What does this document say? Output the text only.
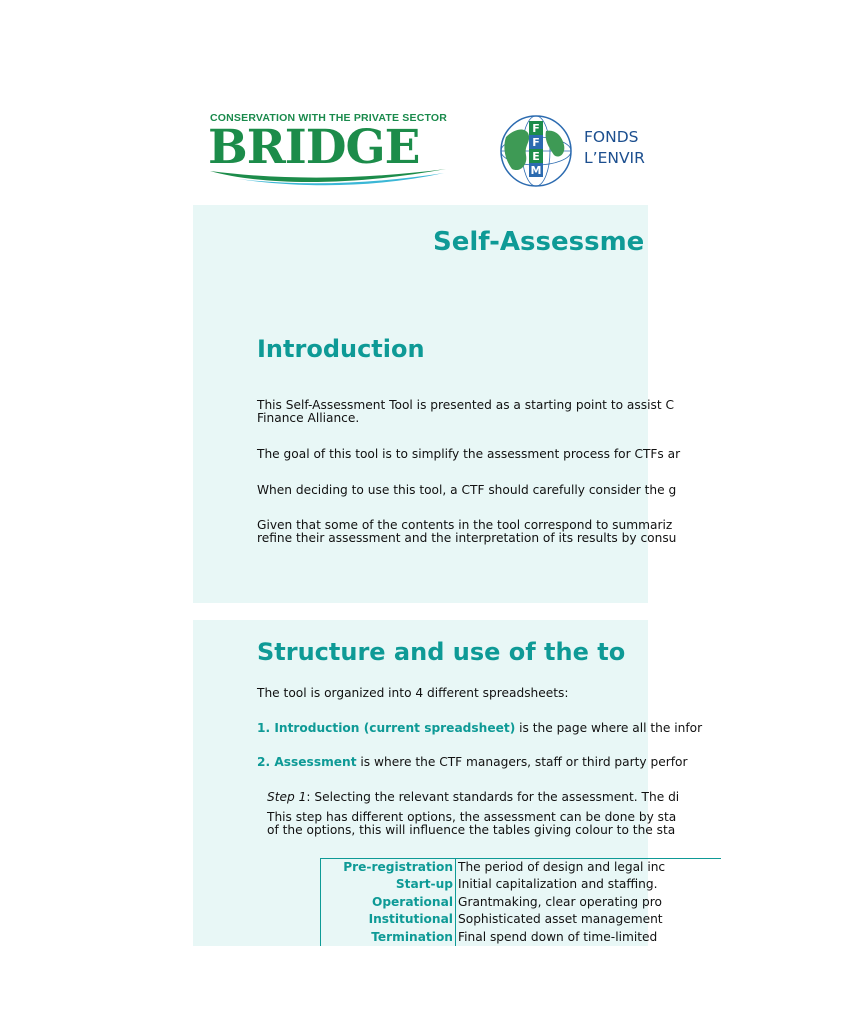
CONSERVATION WITH THE PRIVATE SECTOR
BRIDGE	F
F
E
M
FONDS
L’ENVIR
Self-Assessme
Introduction
This Self-Assessment Tool is presented as a starting point to assist C
Finance Alliance.
The goal of this tool is to simplify the assessment process for CTFs ar
When deciding to use this tool, a CTF should carefully consider the g
Given that some of the contents in the tool correspond to summariz
refine their assessment and the interpretation of its results by consu
Structure and use of the to
The tool is organized into 4 different spreadsheets:
1. Introduction (current spreadsheet) is the page where all the infor
2. Assessment is where the CTF managers, staff or third party perfor
Step 1: Selecting the relevant standards for the assessment. The di
This step has different options, the assessment can be done by sta
of the options, this will influence the tables giving colour to the sta
Pre-registration The period of design and legal inc
Start-up Initial capitalization and staffing.
Operational Grantmaking, clear operating pro
Institutional Sophisticated asset management
Termination Final spend down of time-limited
